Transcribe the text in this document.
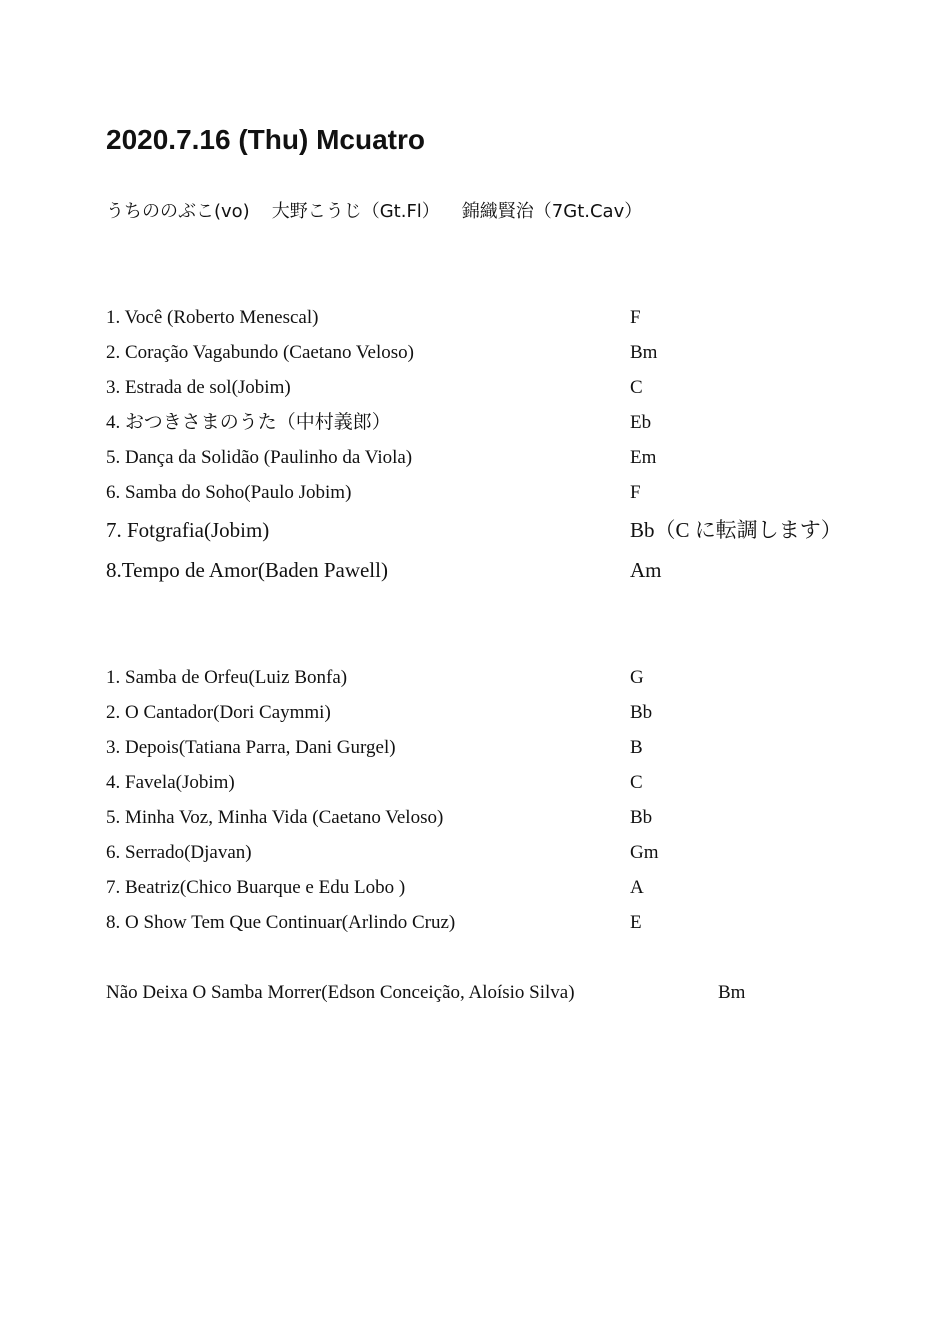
2020.7.16 (Thu) Mcuatro
うちののぶこ(vo) 大野こうじ（Gt.Fl） 錦織賢治（7Gt.Cav）
1. Você (Roberto Menescal)	F
2. Coração Vagabundo (Caetano Veloso)	Bm
3. Estrada de sol(Jobim)	C
4. おつきさまのうた（中村義郎）	Eb
5. Dança da Solidão (Paulinho da Viola)	Em
6. Samba do Soho(Paulo Jobim)	F
7. Fotgrafia(Jobim)	Bb（C に転調します）
8.Tempo de Amor(Baden Pawell)	Am
1. Samba de Orfeu(Luiz Bonfa)	G
2. O Cantador(Dori Caymmi)	Bb
3. Depois(Tatiana Parra, Dani Gurgel)	B
4. Favela(Jobim)	C
5. Minha Voz, Minha Vida (Caetano Veloso)	Bb
6. Serrado(Djavan)	Gm
7. Beatriz(Chico Buarque e Edu Lobo )	A
8. O Show Tem Que Continuar(Arlindo Cruz)	E
Não Deixa O Samba Morrer(Edson Conceição, Aloísio Silva)	Bm
